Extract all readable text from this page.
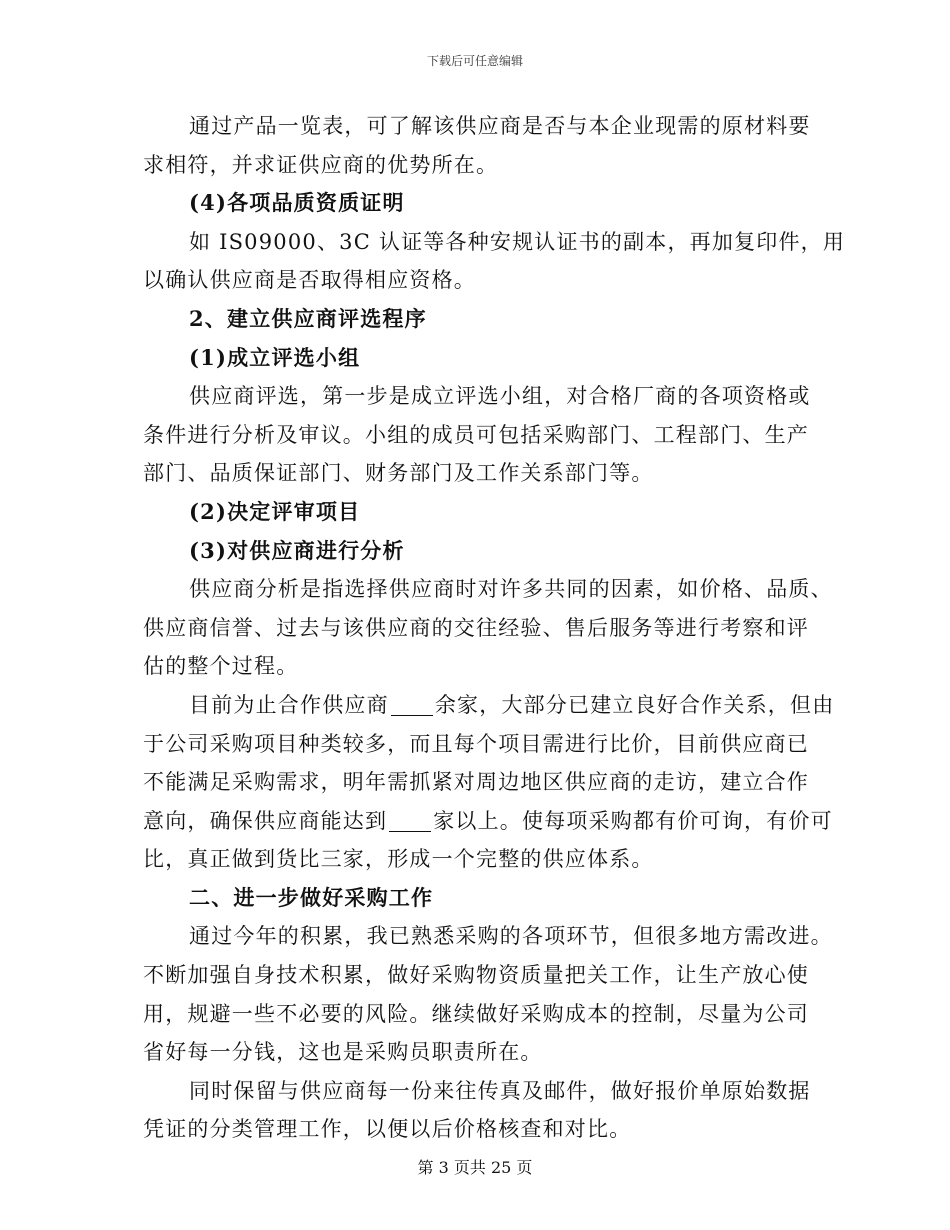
下载后可任意编辑
通过产品一览表，可了解该供应商是否与本企业现需的原材料要
求相符，并求证供应商的优势所在。
(4)各项品质资质证明
如 IS09000、3C 认证等各种安规认证书的副本，再加复印件，用
以确认供应商是否取得相应资格。
2、建立供应商评选程序
(1)成立评选小组
供应商评选，第一步是成立评选小组，对合格厂商的各项资格或
条件进行分析及审议。小组的成员可包括采购部门、工程部门、生产
部门、品质保证部门、财务部门及工作关系部门等。
(2)决定评审项目
(3)对供应商进行分析
供应商分析是指选择供应商时对许多共同的因素，如价格、品质、
供应商信誉、过去与该供应商的交往经验、售后服务等进行考察和评
估的整个过程。
目前为止合作供应商 余家，大部分已建立良好合作关系，但由
于公司采购项目种类较多，而且每个项目需进行比价，目前供应商已
不能满足采购需求，明年需抓紧对周边地区供应商的走访，建立合作
意向，确保供应商能达到 家以上。使每项采购都有价可询，有价可
比，真正做到货比三家，形成一个完整的供应体系。
二、进一步做好采购工作
通过今年的积累，我已熟悉采购的各项环节，但很多地方需改进。
不断加强自身技术积累，做好采购物资质量把关工作，让生产放心使
用，规避一些不必要的风险。继续做好采购成本的控制，尽量为公司
省好每一分钱，这也是采购员职责所在。
同时保留与供应商每一份来往传真及邮件，做好报价单原始数据
凭证的分类管理工作，以便以后价格核查和对比。
第 3 页共 25 页
